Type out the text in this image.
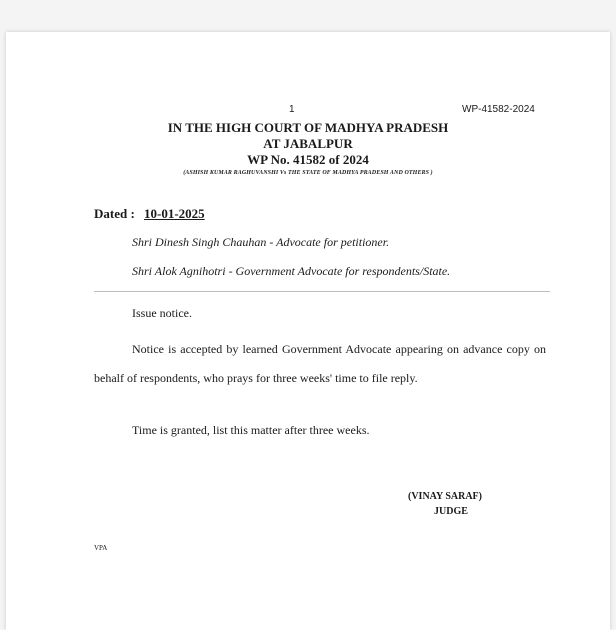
1	WP-41582-2024
IN THE HIGH COURT OF MADHYA PRADESH
AT JABALPUR
WP No. 41582 of 2024
(ASHISH KUMAR RAGHUVANSHI Vs THE STATE OF MADHYA PRADESH AND OTHERS )
Dated : 10-01-2025
Shri Dinesh Singh Chauhan - Advocate for petitioner.
Shri Alok Agnihotri - Government Advocate for respondents/State.
Issue notice.
Notice is accepted by learned Government Advocate appearing on advance copy on behalf of respondents, who prays for three weeks' time to file reply.
Time is granted, list this matter after three weeks.
(VINAY SARAF)
JUDGE
VPA
